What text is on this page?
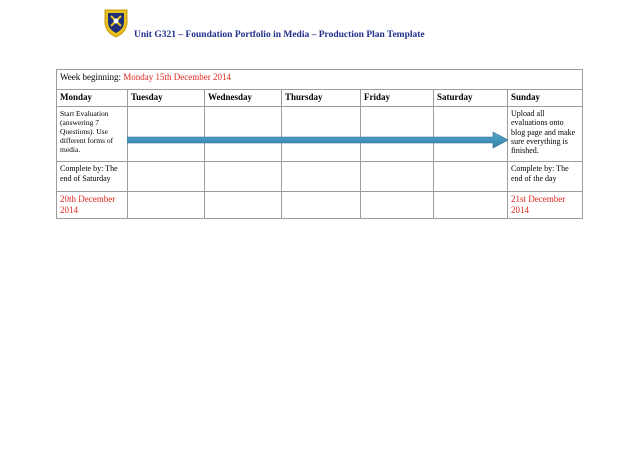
Unit G321 – Foundation Portfolio in Media – Production Plan Template
Week beginning: Monday 15th December 2014						
Monday	Tuesday	Wednesday	Thursday	Friday	Saturday	Sunday
Start Evaluation (answering 7 Questions). Use different forms of media.						Upload all evaluations onto blog page and make sure everything is finished.
Complete by: The end of Saturday						Complete by: The end of the day
20th December 2014						21st December 2014
